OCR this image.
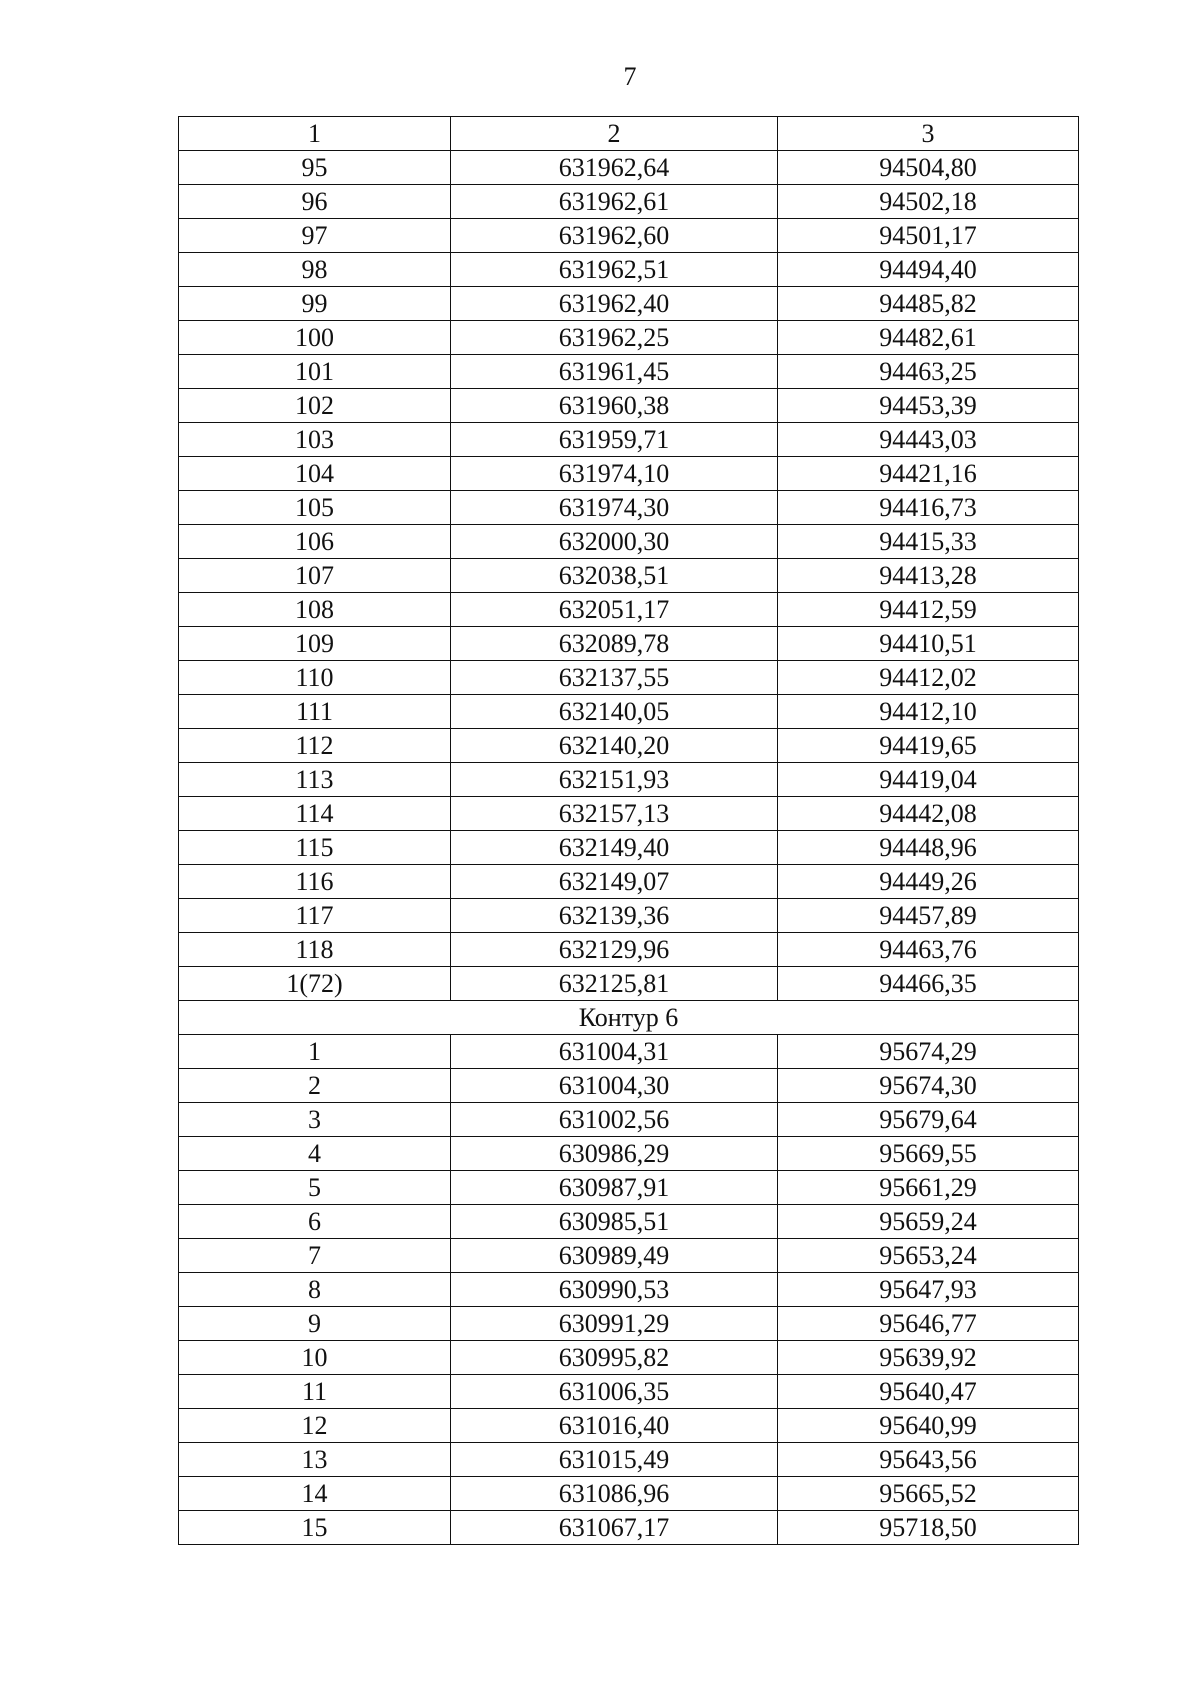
7
1	2	3
95	631962,64	94504,80
96	631962,61	94502,18
97	631962,60	94501,17
98	631962,51	94494,40
99	631962,40	94485,82
100	631962,25	94482,61
101	631961,45	94463,25
102	631960,38	94453,39
103	631959,71	94443,03
104	631974,10	94421,16
105	631974,30	94416,73
106	632000,30	94415,33
107	632038,51	94413,28
108	632051,17	94412,59
109	632089,78	94410,51
110	632137,55	94412,02
111	632140,05	94412,10
112	632140,20	94419,65
113	632151,93	94419,04
114	632157,13	94442,08
115	632149,40	94448,96
116	632149,07	94449,26
117	632139,36	94457,89
118	632129,96	94463,76
1(72)	632125,81	94466,35
Контур 6		
1	631004,31	95674,29
2	631004,30	95674,30
3	631002,56	95679,64
4	630986,29	95669,55
5	630987,91	95661,29
6	630985,51	95659,24
7	630989,49	95653,24
8	630990,53	95647,93
9	630991,29	95646,77
10	630995,82	95639,92
11	631006,35	95640,47
12	631016,40	95640,99
13	631015,49	95643,56
14	631086,96	95665,52
15	631067,17	95718,50
